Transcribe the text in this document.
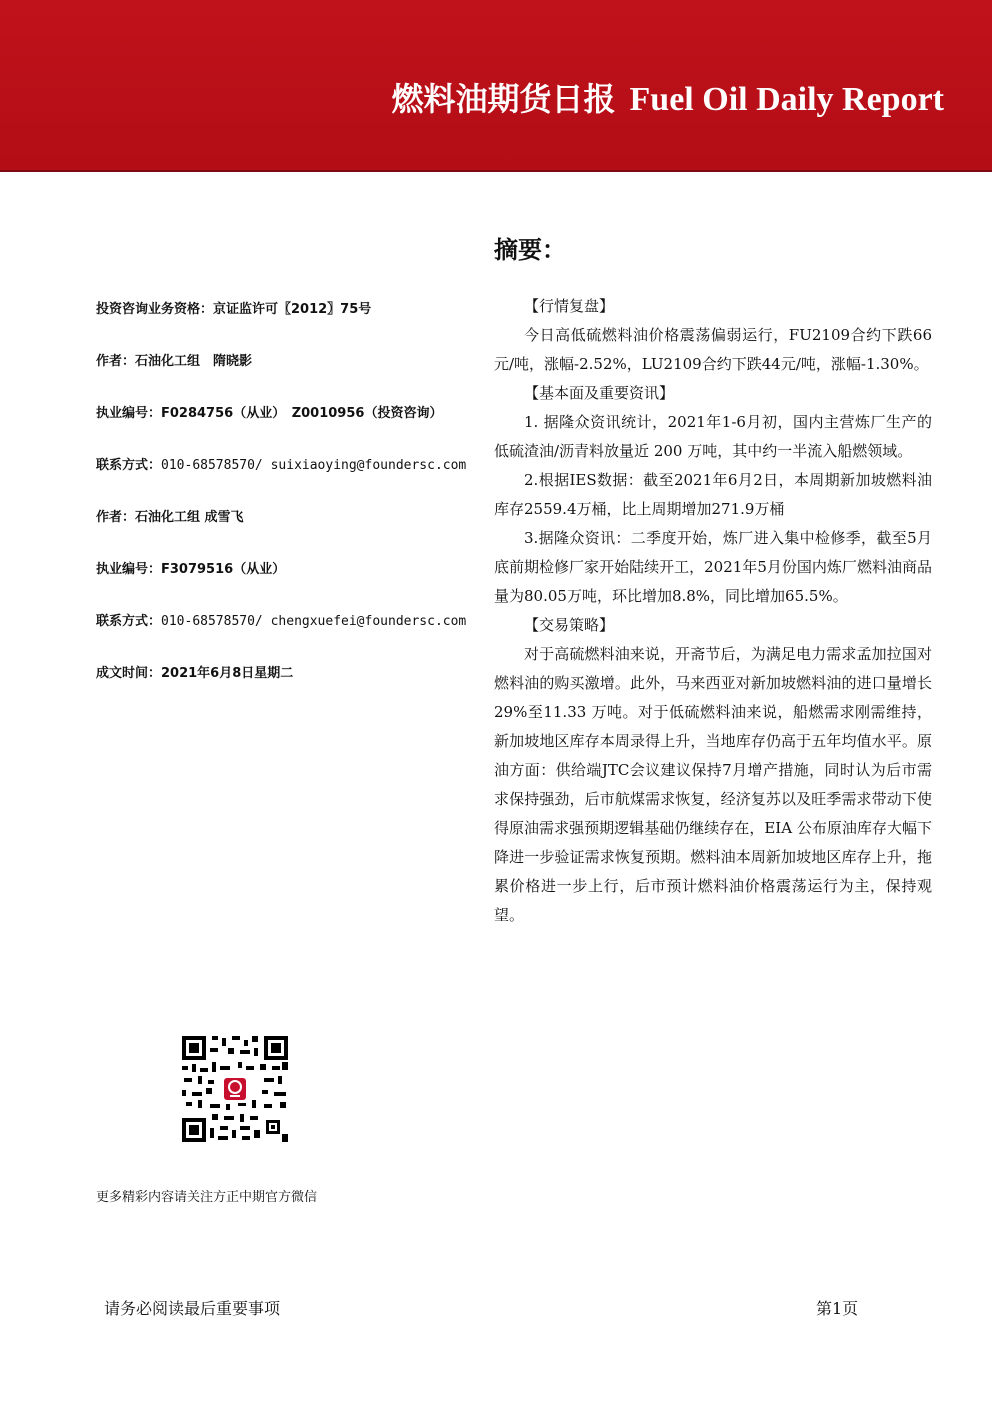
燃料油期货日报 Fuel Oil Daily Report
投资咨询业务资格：京证监许可〖2012〗75号
作者：石油化工组　隋晓影
执业编号：F0284756（从业）　Z0010956（投资咨询）
联系方式：010-68578570/ suixiaoying@foundersc.com
作者：石油化工组 成雪飞
执业编号：F3079516（从业）
联系方式：010-68578570/ chengxuefei@foundersc.com
成文时间：2021年6月8日星期二
更多精彩内容请关注方正中期官方微信
摘要：

【行情复盘】

今日高低硫燃料油价格震荡偏弱运行，FU2109合约下跌66元/吨，涨幅-2.52%，LU2109合约下跌44元/吨，涨幅-1.30%。

【基本面及重要资讯】

1. 据隆众资讯统计，2021年1-6月初，国内主营炼厂生产的低硫渣油/沥青料放量近 200 万吨，其中约一半流入船燃领域。

2.根据IES数据：截至2021年6月2日，本周期新加坡燃料油库存2559.4万桶，比上周期增加271.9万桶

3.据隆众资讯：二季度开始，炼厂进入集中检修季，截至5月底前期检修厂家开始陆续开工，2021年5月份国内炼厂燃料油商品量为80.05万吨，环比增加8.8%，同比增加65.5%。

【交易策略】

对于高硫燃料油来说，开斋节后，为满足电力需求孟加拉国对燃料油的购买激增。此外，马来西亚对新加坡燃料油的进口量增长29%至11.33 万吨。对于低硫燃料油来说，船燃需求刚需维持，新加坡地区库存本周录得上升，当地库存仍高于五年均值水平。原油方面：供给端JTC会议建议保持7月增产措施，同时认为后市需求保持强劲，后市航煤需求恢复，经济复苏以及旺季需求带动下使得原油需求强预期逻辑基础仍继续存在，EIA 公布原油库存大幅下降进一步验证需求恢复预期。燃料油本周新加坡地区库存上升，拖累价格进一步上行，后市预计燃料油价格震荡运行为主，保持观望。

请务必阅读最后重要事项	第1页
